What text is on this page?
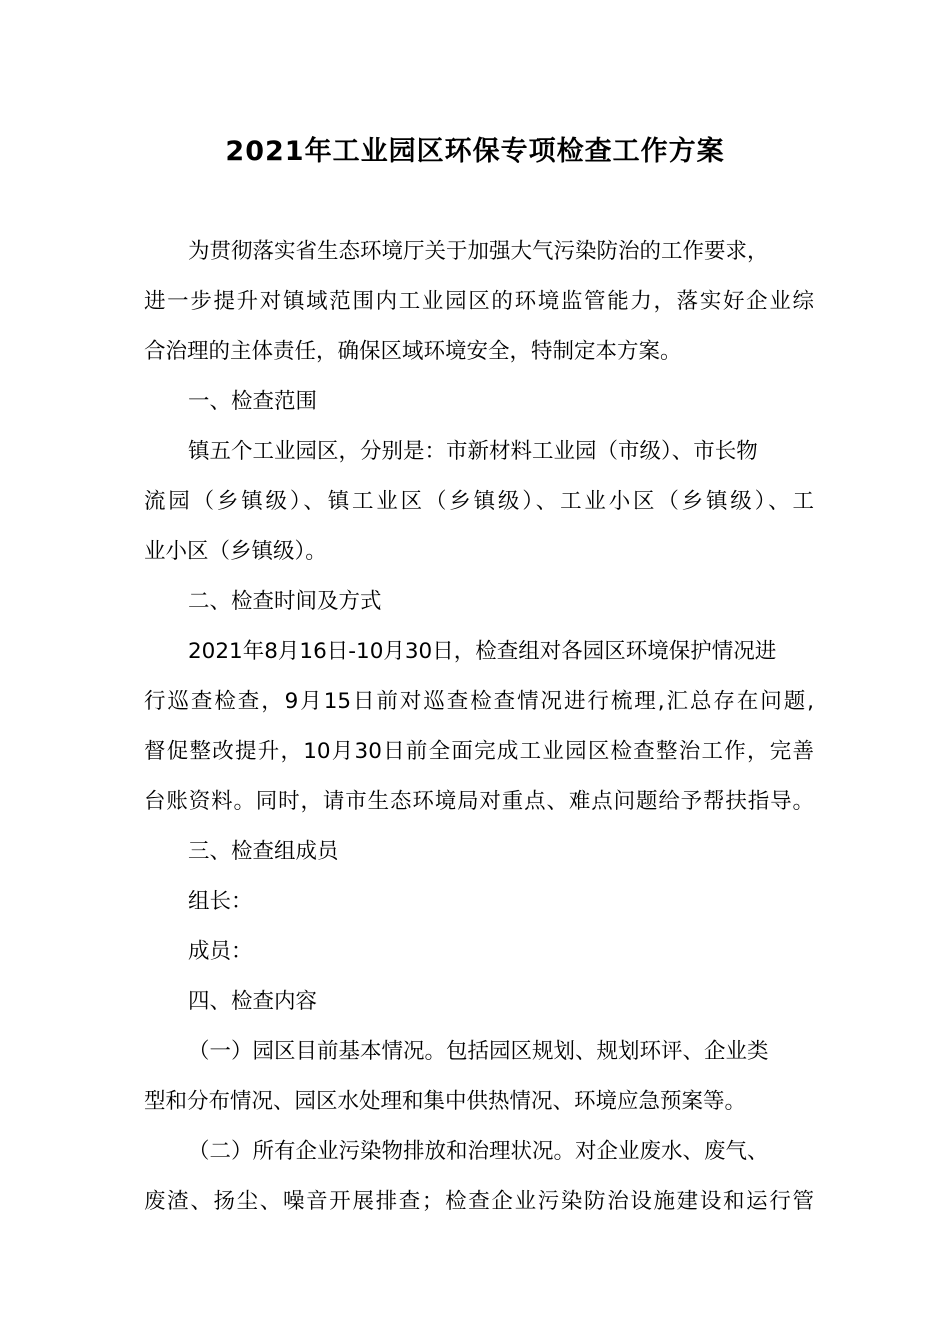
2021年工业园区环保专项检查工作方案
为贯彻落实省生态环境厅关于加强大气污染防治的工作要求，
进一步提升对镇域范围内工业园区的环境监管能力，落实好企业综
合治理的主体责任，确保区域环境安全，特制定本方案。
一、检查范围
镇五个工业园区，分别是：市新材料工业园（市级）、市长物
流园（乡镇级）、镇工业区（乡镇级）、工业小区（乡镇级）、工
业小区（乡镇级）。
二、检查时间及方式
2021年8月16日-10月30日，检查组对各园区环境保护情况进
行巡查检查，9月15日前对巡查检查情况进行梳理,汇总存在问题,
督促整改提升，10月30日前全面完成工业园区检查整治工作，完善
台账资料。同时，请市生态环境局对重点、难点问题给予帮扶指导。
三、检查组成员
组长：
成员：
四、检查内容
（一）园区目前基本情况。包括园区规划、规划环评、企业类
型和分布情况、园区水处理和集中供热情况、环境应急预案等。
（二）所有企业污染物排放和治理状况。对企业废水、废气、
废渣、扬尘、噪音开展排查；检查企业污染防治设施建设和运行管
